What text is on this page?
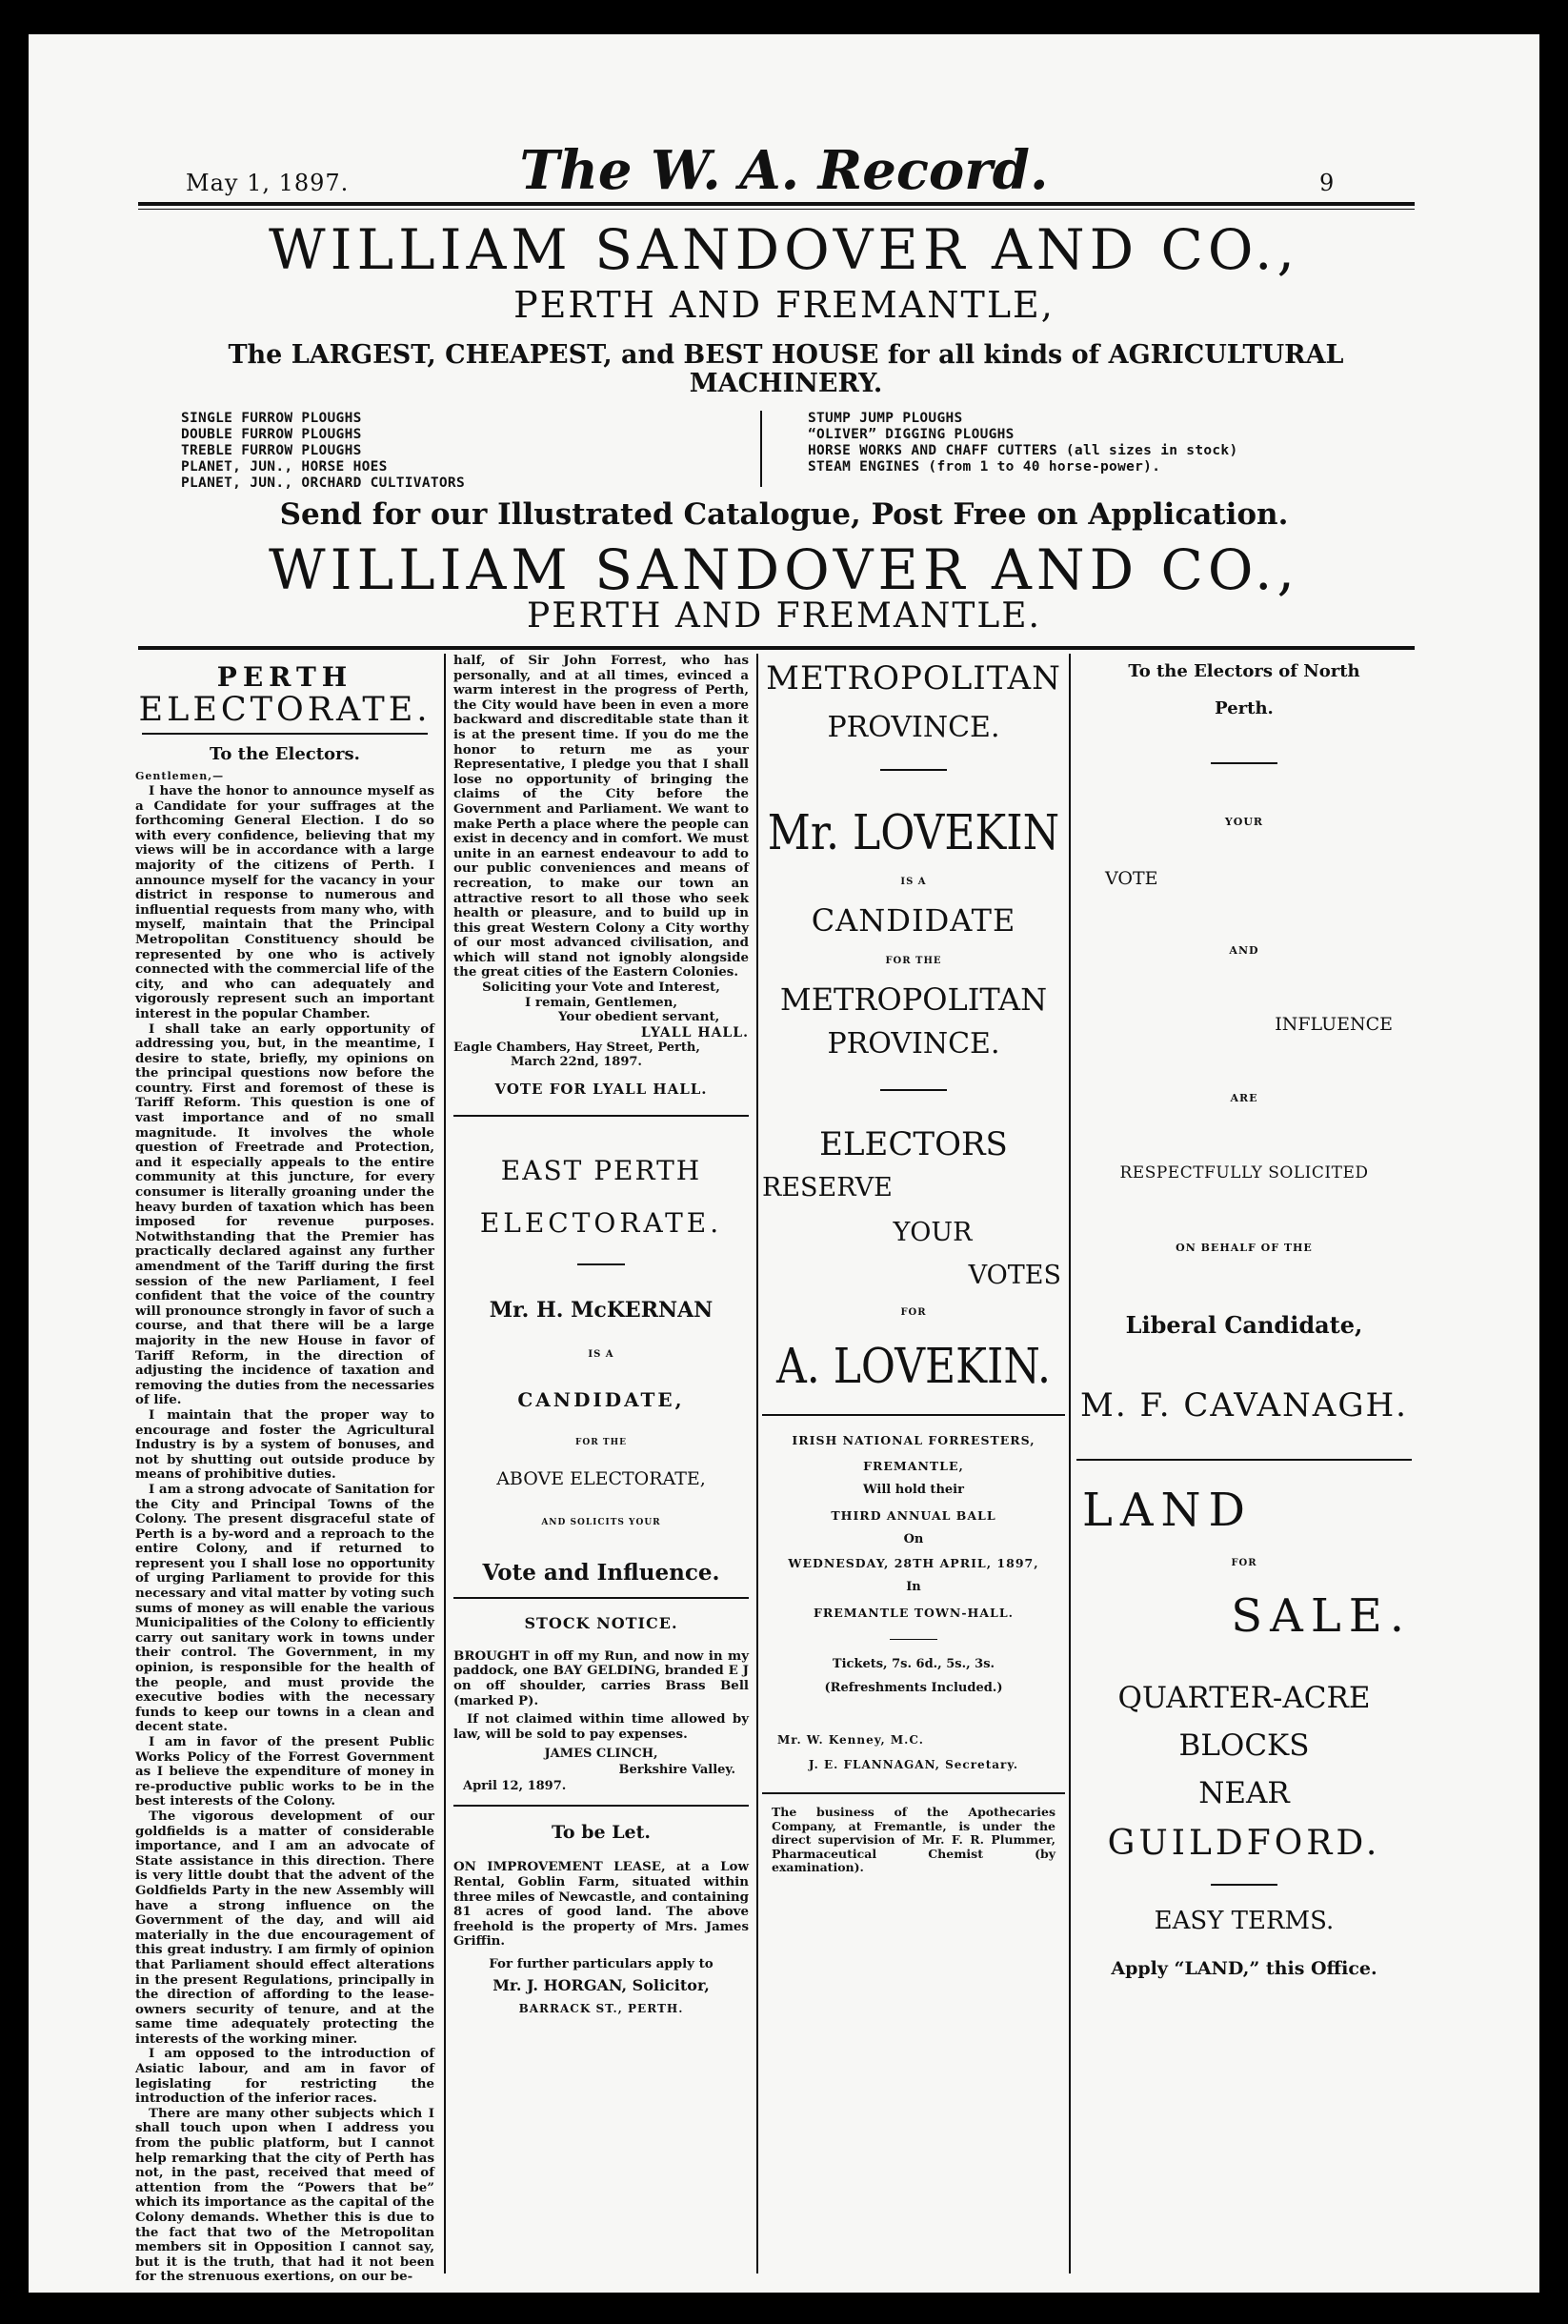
May 1, 1897.	The W. A. Record.	9
WILLIAM SANDOVER AND CO.,
PERTH AND FREMANTLE,
The LARGEST, CHEAPEST, and BEST HOUSE for all kinds of AGRICULTURAL MACHINERY.
SINGLE FURROW PLOUGHS
DOUBLE FURROW PLOUGHS
TREBLE FURROW PLOUGHS
PLANET, JUN., HORSE HOES
PLANET, JUN., ORCHARD CULTIVATORS
STUMP JUMP PLOUGHS
“OLIVER” DIGGING PLOUGHS
HORSE WORKS AND CHAFF CUTTERS (all sizes in stock)
STEAM ENGINES (from 1 to 40 horse-power).
Send for our Illustrated Catalogue, Post Free on Application.
WILLIAM SANDOVER AND CO.,
PERTH AND FREMANTLE.
PERTH
ELECTORATE.
To the Electors.
Gentlemen,—

I have the honor to announce myself as a Candidate for your suffrages at the forthcoming General Election. I do so with every confidence, believing that my views will be in accordance with a large majority of the citizens of Perth. I announce myself for the vacancy in your district in response to numerous and influential requests from many who, with myself, maintain that the Principal Metropolitan Constituency should be represented by one who is actively connected with the commercial life of the city, and who can adequately and vigorously represent such an important interest in the popular Chamber.

I shall take an early opportunity of addressing you, but, in the meantime, I desire to state, briefly, my opinions on the principal questions now before the country. First and foremost of these is Tariff Reform. This question is one of vast importance and of no small magnitude. It involves the whole question of Freetrade and Protection, and it especially appeals to the entire community at this juncture, for every consumer is literally groaning under the heavy burden of taxation which has been imposed for revenue purposes. Notwithstanding that the Premier has practically declared against any further amendment of the Tariff during the first session of the new Parliament, I feel confident that the voice of the country will pronounce strongly in favor of such a course, and that there will be a large majority in the new House in favor of Tariff Reform, in the direction of adjusting the incidence of taxation and removing the duties from the necessaries of life.

I maintain that the proper way to encourage and foster the Agricultural Industry is by a system of bonuses, and not by shutting out outside produce by means of prohibitive duties.

I am a strong advocate of Sanitation for the City and Principal Towns of the Colony. The present disgraceful state of Perth is a by-word and a reproach to the entire Colony, and if returned to represent you I shall lose no opportunity of urging Parliament to provide for this necessary and vital matter by voting such sums of money as will enable the various Municipalities of the Colony to efficiently carry out sanitary work in towns under their control. The Government, in my opinion, is responsible for the health of the people, and must provide the executive bodies with the necessary funds to keep our towns in a clean and decent state.

I am in favor of the present Public Works Policy of the Forrest Government as I believe the expenditure of money in re-productive public works to be in the best interests of the Colony.

The vigorous development of our goldfields is a matter of considerable importance, and I am an advocate of State assistance in this direction. There is very little doubt that the advent of the Goldfields Party in the new Assembly will have a strong influence on the Government of the day, and will aid materially in the due encouragement of this great industry. I am firmly of opinion that Parliament should effect alterations in the present Regulations, principally in the direction of affording to the lease-owners security of tenure, and at the same time adequately protecting the interests of the working miner.

I am opposed to the introduction of Asiatic labour, and am in favor of legislating for restricting the introduction of the inferior races.

There are many other subjects which I shall touch upon when I address you from the public platform, but I cannot help remarking that the city of Perth has not, in the past, received that meed of attention from the “Powers that be” which its importance as the capital of the Colony demands. Whether this is due to the fact that two of the Metropolitan members sit in Opposition I cannot say, but it is the truth, that had it not been for the strenuous exertions, on our be-

half, of Sir John Forrest, who has personally, and at all times, evinced a warm interest in the progress of Perth, the City would have been in even a more backward and discreditable state than it is at the present time. If you do me the honor to return me as your Representative, I pledge you that I shall lose no opportunity of bringing the claims of the City before the Government and Parliament. We want to make Perth a place where the people can exist in decency and in comfort. We must unite in an earnest endeavour to add to our public conveniences and means of recreation, to make our town an attractive resort to all those who seek health or pleasure, and to build up in this great Western Colony a City worthy of our most advanced civilisation, and which will stand not ignobly alongside the great cities of the Eastern Colonies.
Soliciting your Vote and Interest,
I remain, Gentlemen,
Your obedient servant,
LYALL HALL.
Eagle Chambers, Hay Street, Perth,
March 22nd, 1897.
VOTE FOR LYALL HALL.
EAST PERTH
ELECTORATE.
Mr. H. McKERNAN
IS A
CANDIDATE,
FOR THE
ABOVE ELECTORATE,
AND SOLICITS YOUR
Vote and Influence.
STOCK NOTICE.
BROUGHT in off my Run, and now in my paddock, one BAY GELDING, branded E J on off shoulder, carries Brass Bell (marked P).
If not claimed within time allowed by law, will be sold to pay expenses.
JAMES CLINCH,
Berkshire Valley.
April 12, 1897.
To be Let.
ON IMPROVEMENT LEASE, at a Low Rental, Goblin Farm, situated within three miles of Newcastle, and containing 81 acres of good land. The above freehold is the property of Mrs. James Griffin.
For further particulars apply to
Mr. J. HORGAN, Solicitor,
BARRACK ST., PERTH.
METROPOLITAN
PROVINCE.
Mr. LOVEKIN
IS A
CANDIDATE
FOR THE
METROPOLITAN
PROVINCE.
ELECTORS
RESERVE
YOUR
VOTES
FOR
A. LOVEKIN.
IRISH NATIONAL FORRESTERS,
FREMANTLE,
Will hold their
THIRD ANNUAL BALL
On
WEDNESDAY, 28TH APRIL, 1897,
In
FREMANTLE TOWN-HALL.
Tickets, 7s. 6d., 5s., 3s.
(Refreshments Included.)
Mr. W. Kenney, M.C.
J. E. FLANNAGAN, Secretary.
The business of the Apothecaries Company, at Fremantle, is under the direct supervision of Mr. F. R. Plummer, Pharmaceutical Chemist (by examination).
To the Electors of North
Perth.
YOUR
VOTE
AND
INFLUENCE
ARE
RESPECTFULLY SOLICITED
ON BEHALF OF THE
Liberal Candidate,
M. F. CAVANAGH.
LAND
FOR
SALE.
QUARTER-ACRE
BLOCKS
NEAR
GUILDFORD.
EASY TERMS.
Apply “LAND,” this Office.
